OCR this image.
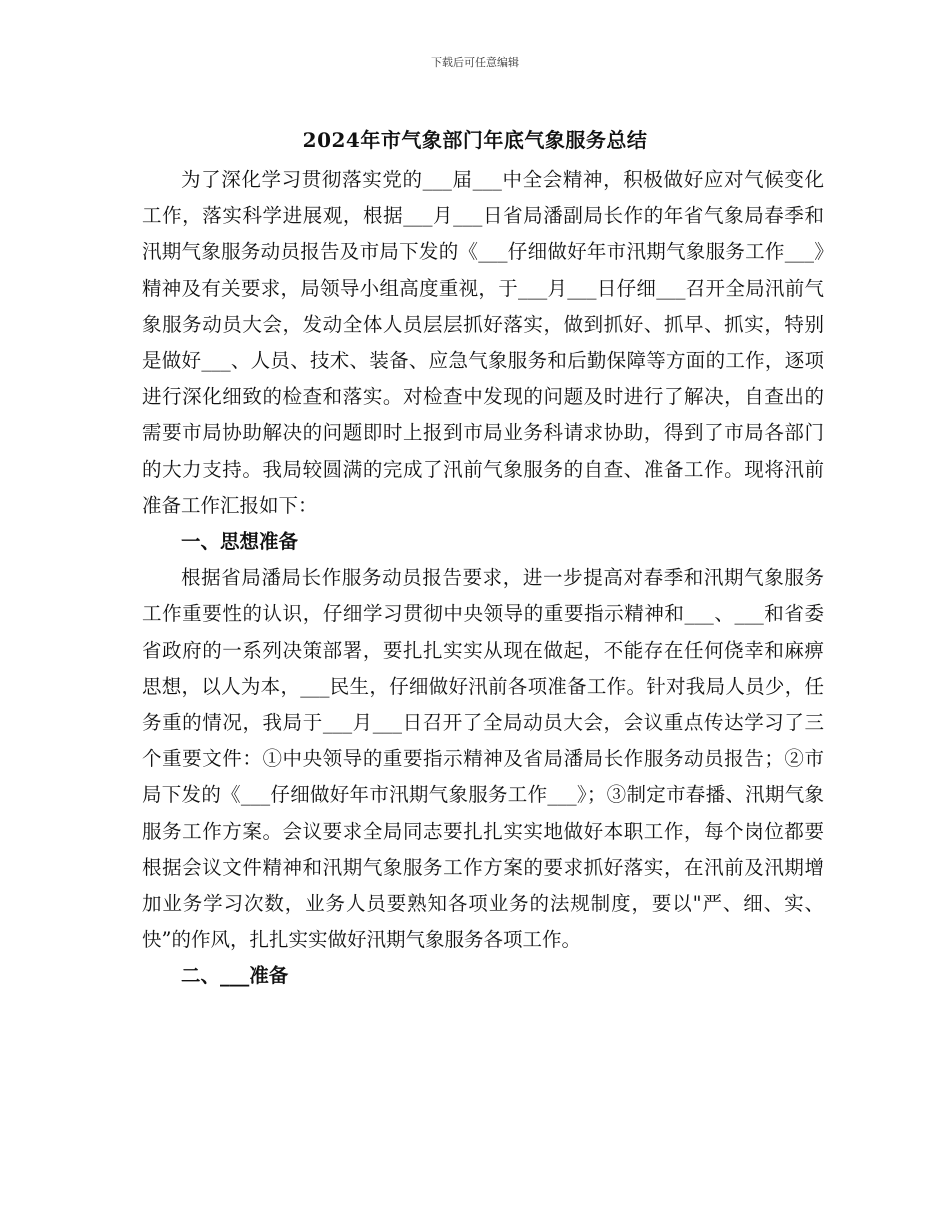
下载后可任意编辑
2024年市气象部门年底气象服务总结

为了深化学习贯彻落实党的___届___中全会精神，积极做好应对气候变化工作，落实科学进展观，根据___月___日省局潘副局长作的年省气象局春季和汛期气象服务动员报告及市局下发的《___仔细做好年市汛期气象服务工作___》精神及有关要求，局领导小组高度重视，于___月___日仔细___召开全局汛前气象服务动员大会，发动全体人员层层抓好落实，做到抓好、抓早、抓实，特别是做好___、人员、技术、装备、应急气象服务和后勤保障等方面的工作，逐项进行深化细致的检查和落实。对检查中发现的问题及时进行了解决，自查出的需要市局协助解决的问题即时上报到市局业务科请求协助，得到了市局各部门的大力支持。我局较圆满的完成了汛前气象服务的自查、准备工作。现将汛前准备工作汇报如下：

一、思想准备

根据省局潘局长作服务动员报告要求，进一步提高对春季和汛期气象服务工作重要性的认识，仔细学习贯彻中央领导的重要指示精神和___、___和省委省政府的一系列决策部署，要扎扎实实从现在做起，不能存在任何侥幸和麻痹思想，以人为本，___民生，仔细做好汛前各项准备工作。针对我局人员少，任务重的情况，我局于___月___日召开了全局动员大会，会议重点传达学习了三个重要文件：①中央领导的重要指示精神及省局潘局长作服务动员报告；②市局下发的《___仔细做好年市汛期气象服务工作___》；③制定市春播、汛期气象服务工作方案。会议要求全局同志要扎扎实实地做好本职工作，每个岗位都要根据会议文件精神和汛期气象服务工作方案的要求抓好落实，在汛前及汛期增加业务学习次数，业务人员要熟知各项业务的法规制度，要以"严、细、实、快”的作风，扎扎实实做好汛期气象服务各项工作。

二、___准备
